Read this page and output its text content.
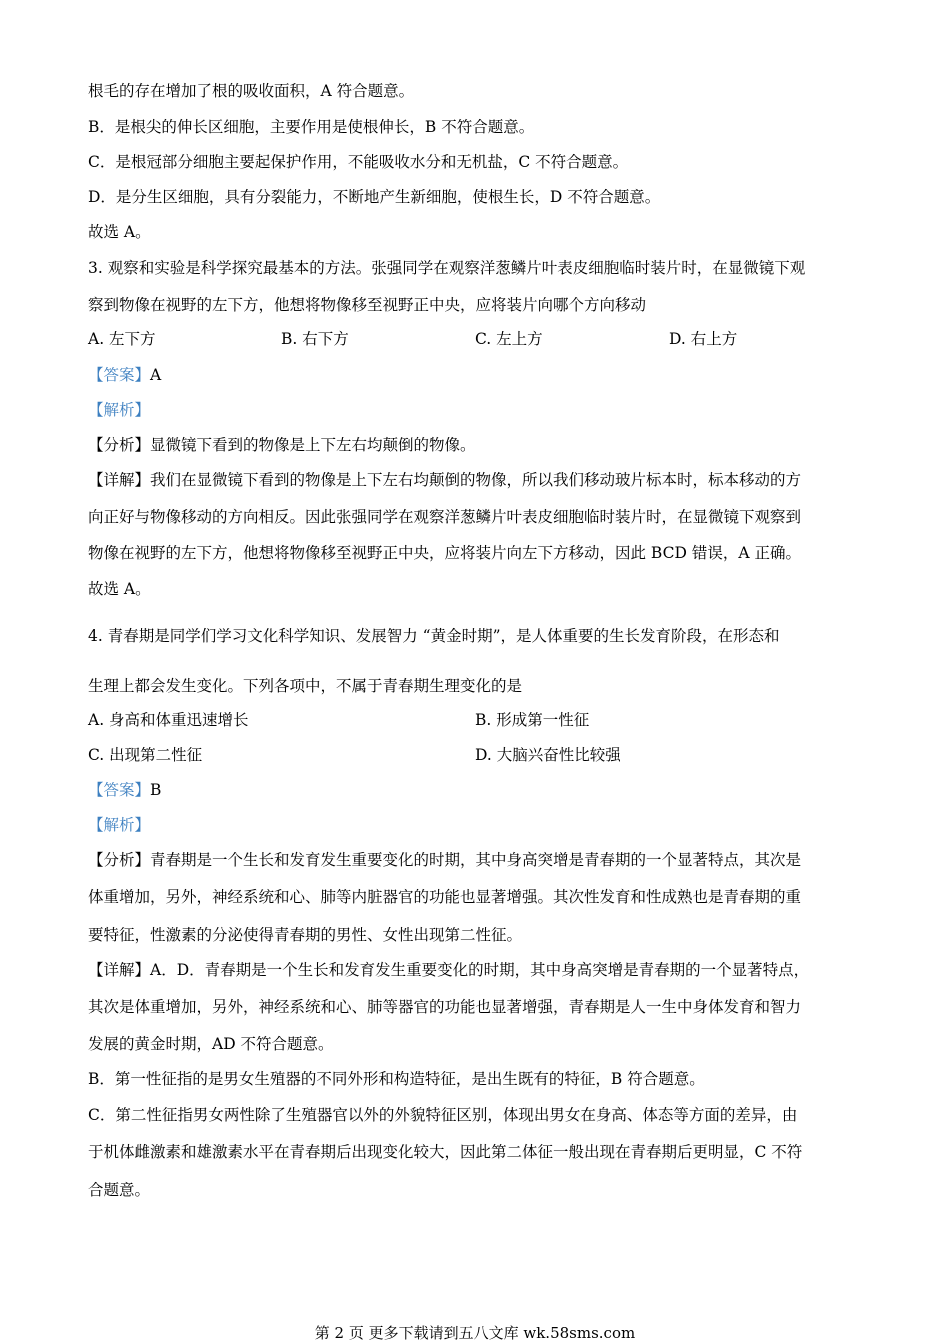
根毛的存在增加了根的吸收面积，A 符合题意。
B．是根尖的伸长区细胞，主要作用是使根伸长，B 不符合题意。
C．是根冠部分细胞主要起保护作用，不能吸收水分和无机盐，C 不符合题意。
D．是分生区细胞，具有分裂能力，不断地产生新细胞，使根生长，D 不符合题意。
故选 A。
3. 观察和实验是科学探究最基本的方法。张强同学在观察洋葱鳞片叶表皮细胞临时装片时，在显微镜下观
察到物像在视野的左下方，他想将物像移至视野正中央，应将装片向哪个方向移动
A. 左下方	B. 右下方	C. 左上方	D. 右上方
【答案】A
【解析】
【分析】显微镜下看到的物像是上下左右均颠倒的物像。
【详解】我们在显微镜下看到的物像是上下左右均颠倒的物像，所以我们移动玻片标本时，标本移动的方
向正好与物像移动的方向相反。因此张强同学在观察洋葱鳞片叶表皮细胞临时装片时，在显微镜下观察到
物像在视野的左下方，他想将物像移至视野正中央，应将装片向左下方移动，因此 BCD 错误，A 正确。
故选 A。
4. 青春期是同学们学习文化科学知识、发展智力 “黄金时期”，是人体重要的生长发育阶段，在形态和
生理上都会发生变化。下列各项中，不属于青春期生理变化的是
A. 身高和体重迅速增长	B. 形成第一性征
C. 出现第二性征	D. 大脑兴奋性比较强
【答案】B
【解析】
【分析】青春期是一个生长和发育发生重要变化的时期，其中身高突增是青春期的一个显著特点，其次是
体重增加，另外，神经系统和心、肺等内脏器官的功能也显著增强。其次性发育和性成熟也是青春期的重
要特征，性激素的分泌使得青春期的男性、女性出现第二性征。
【详解】A．D．青春期是一个生长和发育发生重要变化的时期，其中身高突增是青春期的一个显著特点，
其次是体重增加，另外，神经系统和心、肺等器官的功能也显著增强，青春期是人一生中身体发育和智力
发展的黄金时期，AD 不符合题意。
B．第一性征指的是男女生殖器的不同外形和构造特征，是出生既有的特征，B 符合题意。
C．第二性征指男女两性除了生殖器官以外的外貌特征区别，体现出男女在身高、体态等方面的差异，由
于机体雌激素和雄激素水平在青春期后出现变化较大，因此第二体征一般出现在青春期后更明显，C 不符
合题意。
第 2 页 更多下载请到五八文库 wk.58sms.com
